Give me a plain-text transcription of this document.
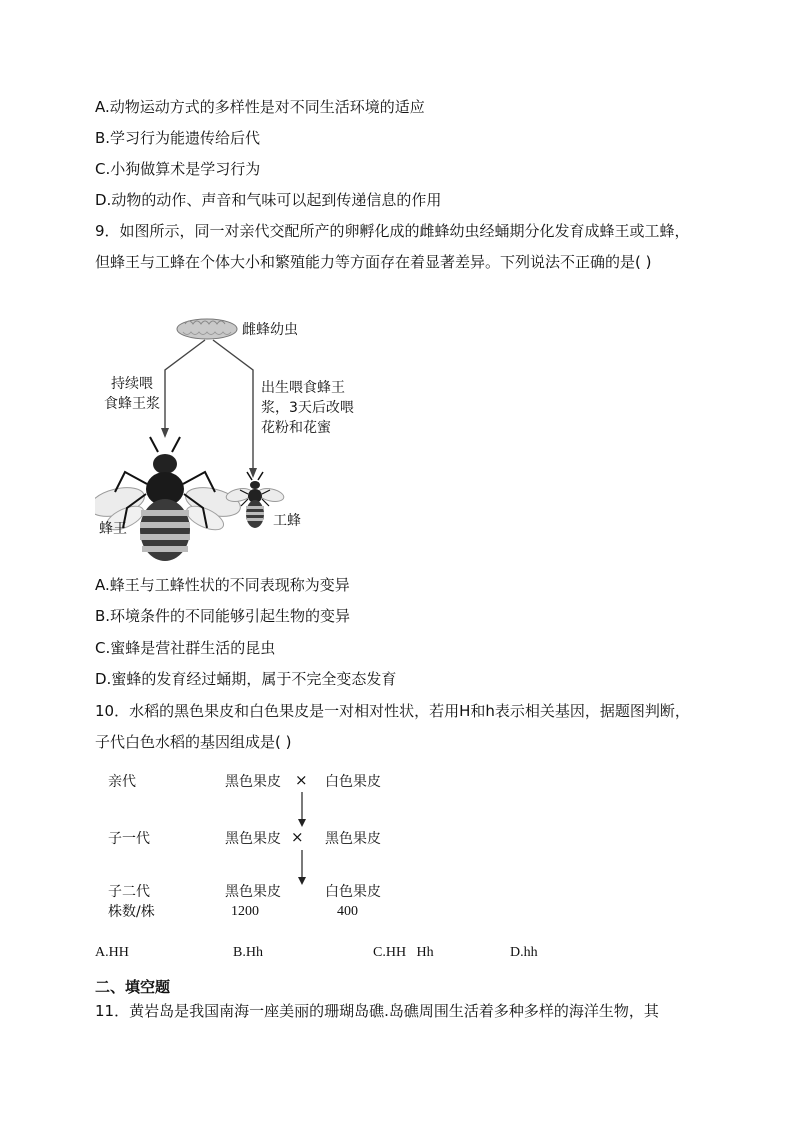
A.动物运动方式的多样性是对不同生活环境的适应
B.学习行为能遗传给后代
C.小狗做算术是学习行为
D.动物的动作、声音和气味可以起到传递信息的作用
9．如图所示，同一对亲代交配所产的卵孵化成的雌蜂幼虫经蛹期分化发育成蜂王或工蜂，但蜂王与工蜂在个体大小和繁殖能力等方面存在着显著差异。下列说法不正确的是( )
雌蜂幼虫
持续喂
食蜂王浆
出生喂食蜂王
浆，3天后改喂
花粉和花蜜
蜂王	工蜂
A.蜂王与工蜂性状的不同表现称为变异
B.环境条件的不同能够引起生物的变异
C.蜜蜂是营社群生活的昆虫
D.蜜蜂的发育经过蛹期，属于不完全变态发育
10．水稻的黑色果皮和白色果皮是一对相对性状，若用H和h表示相关基因，据题图判断，子代白色水稻的基因组成是( )
亲代	黑色果皮 × 白色果皮
子一代	黑色果皮 × 黑色果皮
子二代	黑色果皮	白色果皮
株数/株	1200	400
A.HH	B.Hh	C.HH   Hh	D.hh
二、填空题
11．黄岩岛是我国南海一座美丽的珊瑚岛礁.岛礁周围生活着多种多样的海洋生物，其
